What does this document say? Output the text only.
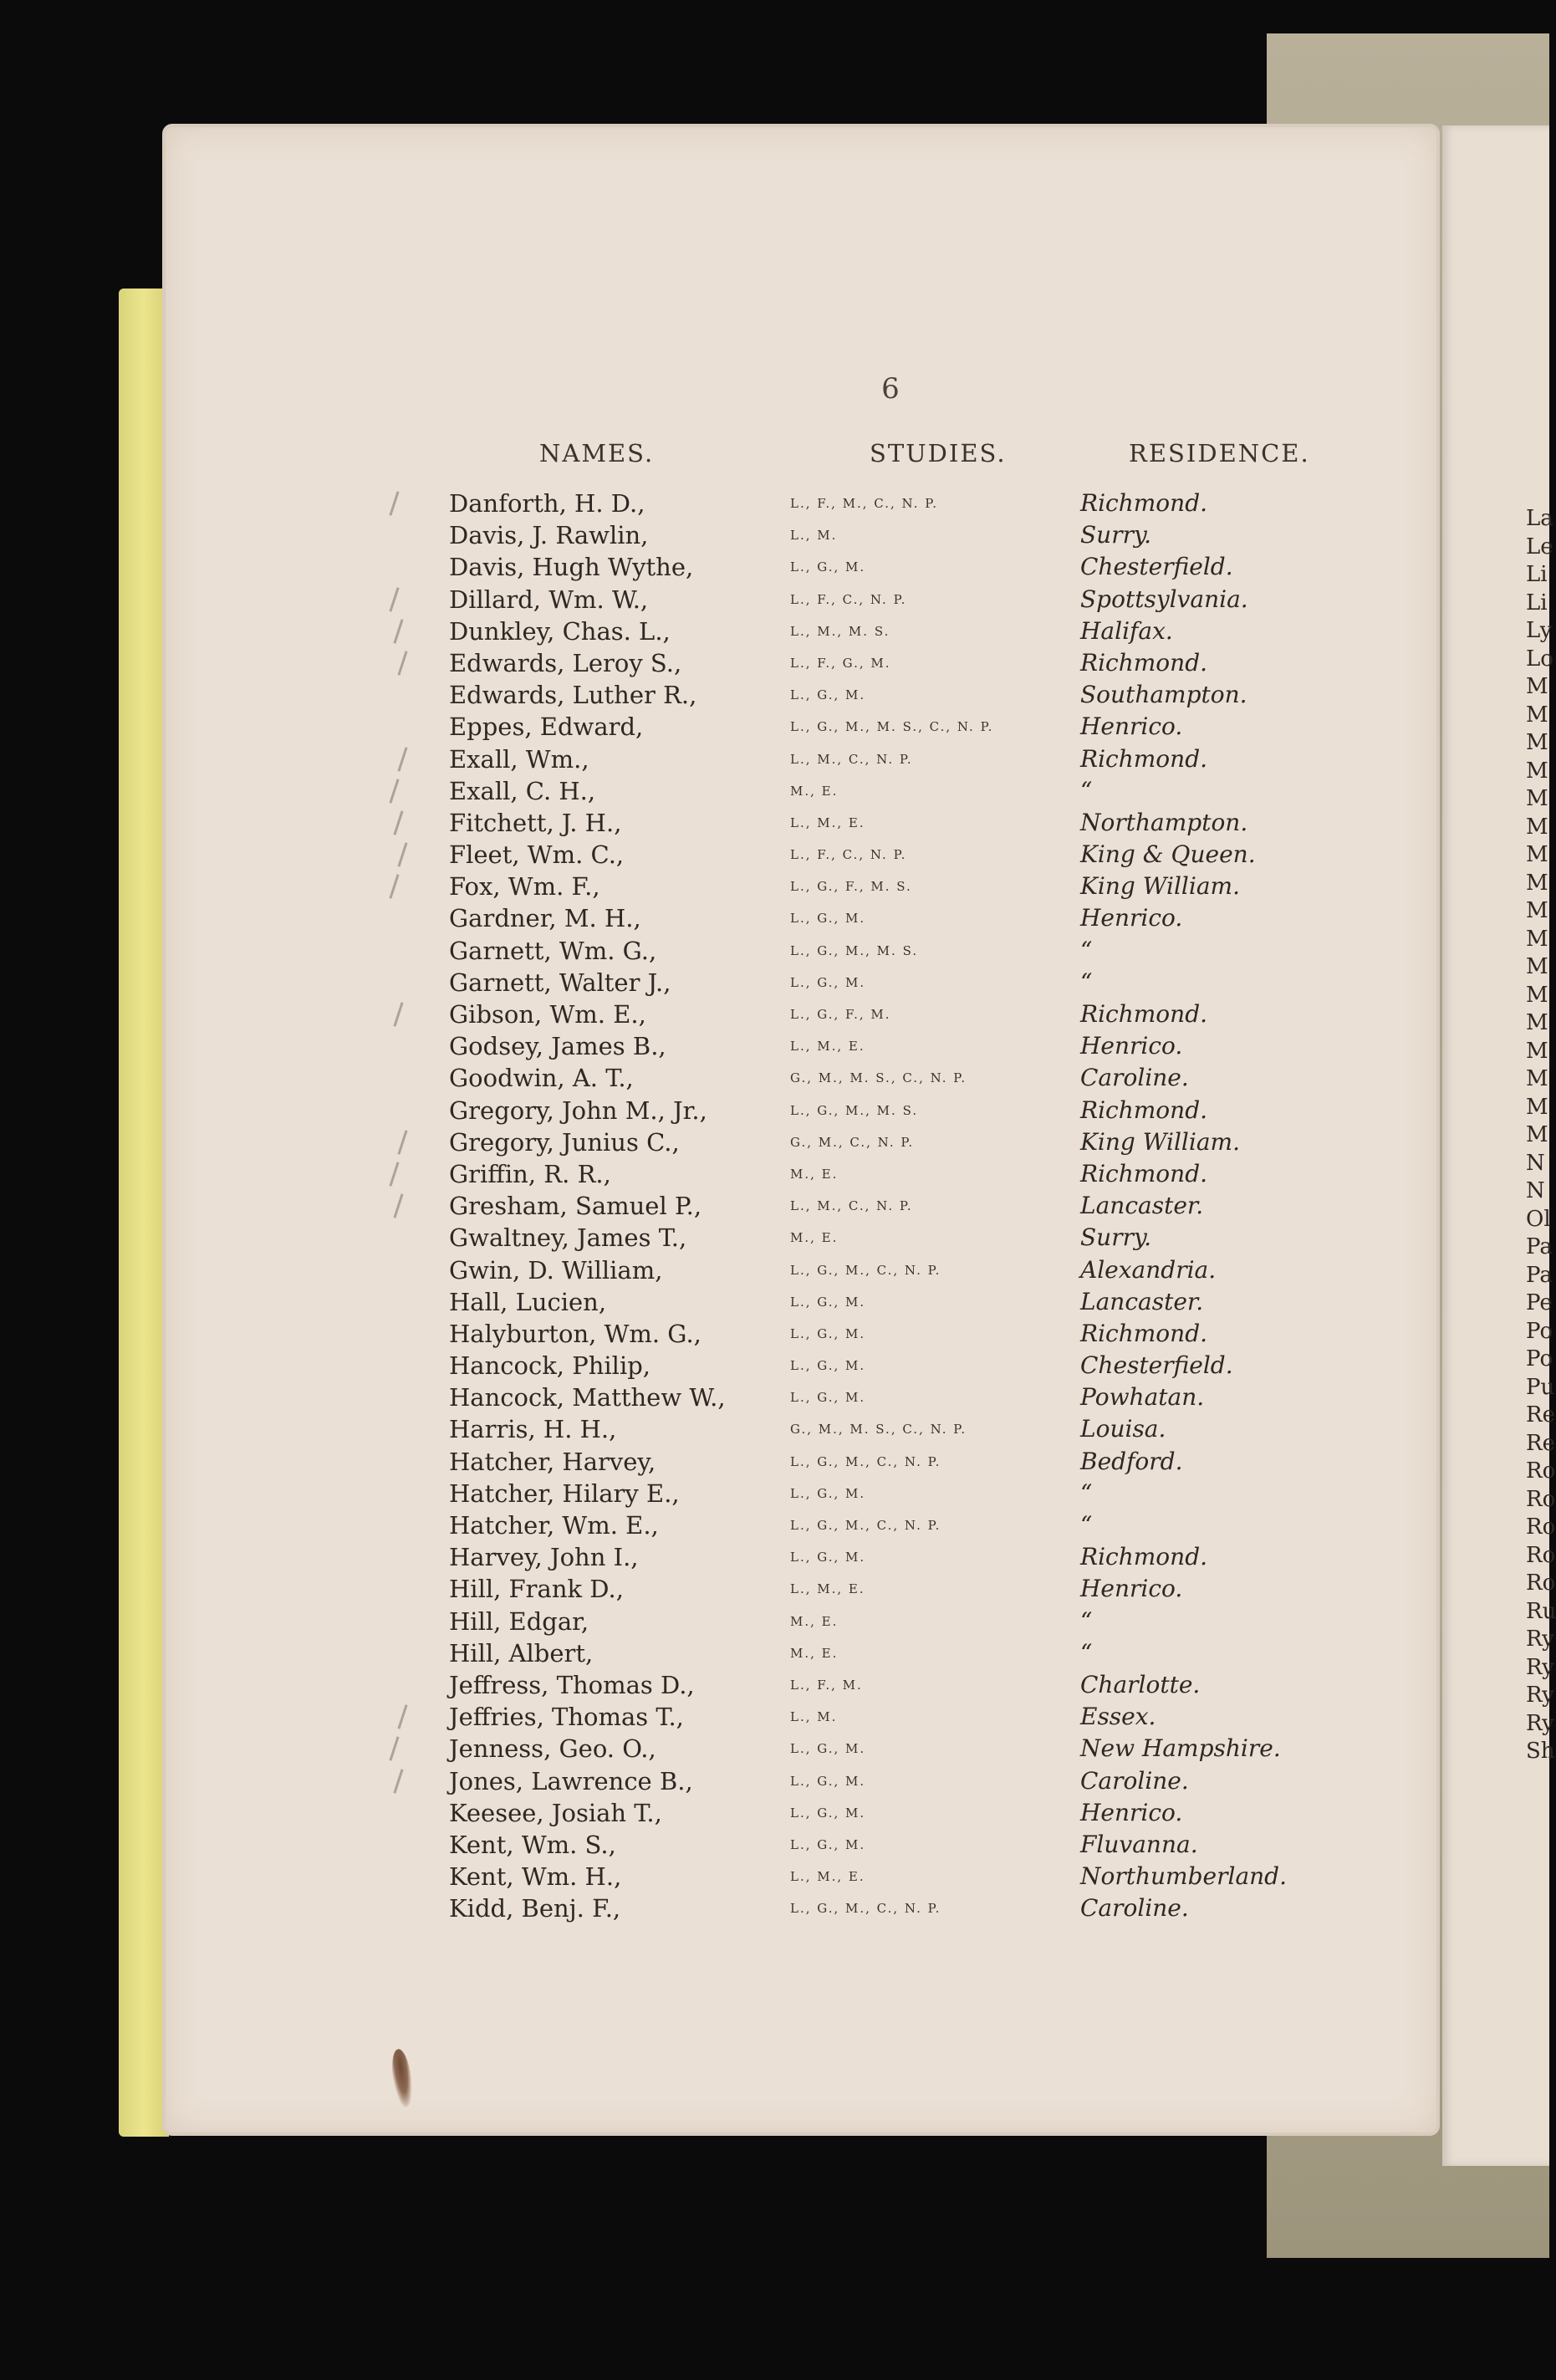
La
Le
Li
Li
Ly
Lo
M
M
M
M
M
M
M
M
M
M
M
M
M
M
M
M
M
N
N
Ol
Pa
Pa
Pe
Po
Po
Pu
Re
Re
Ro
Ro
Ro
Ro
Ro
Ru
Ry
Ry
Ry
Ry
Sh
6
NAMES.	STUDIES.	RESIDENCE.
Danforth, H. D.,	L., F., M., C., N. P.	Richmond.
Davis, J. Rawlin,	L., M.	Surry.
Davis, Hugh Wythe,	L., G., M.	Chesterfield.
Dillard, Wm. W.,	L., F., C., N. P.	Spottsylvania.
Dunkley, Chas. L.,	L., M., M. S.	Halifax.
Edwards, Leroy S.,	L., F., G., M.	Richmond.
Edwards, Luther R.,	L., G., M.	Southampton.
Eppes, Edward,	L., G., M., M. S., C., N. P.	Henrico.
Exall, Wm.,	L., M., C., N. P.	Richmond.
Exall, C. H.,	M., E.	“
Fitchett, J. H.,	L., M., E.	Northampton.
Fleet, Wm. C.,	L., F., C., N. P.	King & Queen.
Fox, Wm. F.,	L., G., F., M. S.	King William.
Gardner, M. H.,	L., G., M.	Henrico.
Garnett, Wm. G.,	L., G., M., M. S.	“
Garnett, Walter J.,	L., G., M.	“
Gibson, Wm. E.,	L., G., F., M.	Richmond.
Godsey, James B.,	L., M., E.	Henrico.
Goodwin, A. T.,	G., M., M. S., C., N. P.	Caroline.
Gregory, John M., Jr.,	L., G., M., M. S.	Richmond.
Gregory, Junius C.,	G., M., C., N. P.	King William.
Griffin, R. R.,	M., E.	Richmond.
Gresham, Samuel P.,	L., M., C., N. P.	Lancaster.
Gwaltney, James T.,	M., E.	Surry.
Gwin, D. William,	L., G., M., C., N. P.	Alexandria.
Hall, Lucien,	L., G., M.	Lancaster.
Halyburton, Wm. G.,	L., G., M.	Richmond.
Hancock, Philip,	L., G., M.	Chesterfield.
Hancock, Matthew W.,	L., G., M.	Powhatan.
Harris, H. H.,	G., M., M. S., C., N. P.	Louisa.
Hatcher, Harvey,	L., G., M., C., N. P.	Bedford.
Hatcher, Hilary E.,	L., G., M.	“
Hatcher, Wm. E.,	L., G., M., C., N. P.	“
Harvey, John I.,	L., G., M.	Richmond.
Hill, Frank D.,	L., M., E.	Henrico.
Hill, Edgar,	M., E.	“
Hill, Albert,	M., E.	“
Jeffress, Thomas D.,	L., F., M.	Charlotte.
Jeffries, Thomas T.,	L., M.	Essex.
Jenness, Geo. O.,	L., G., M.	New Hampshire.
Jones, Lawrence B.,	L., G., M.	Caroline.
Keesee, Josiah T.,	L., G., M.	Henrico.
Kent, Wm. S.,	L., G., M.	Fluvanna.
Kent, Wm. H.,	L., M., E.	Northumberland.
Kidd, Benj. F.,	L., G., M., C., N. P.	Caroline.
